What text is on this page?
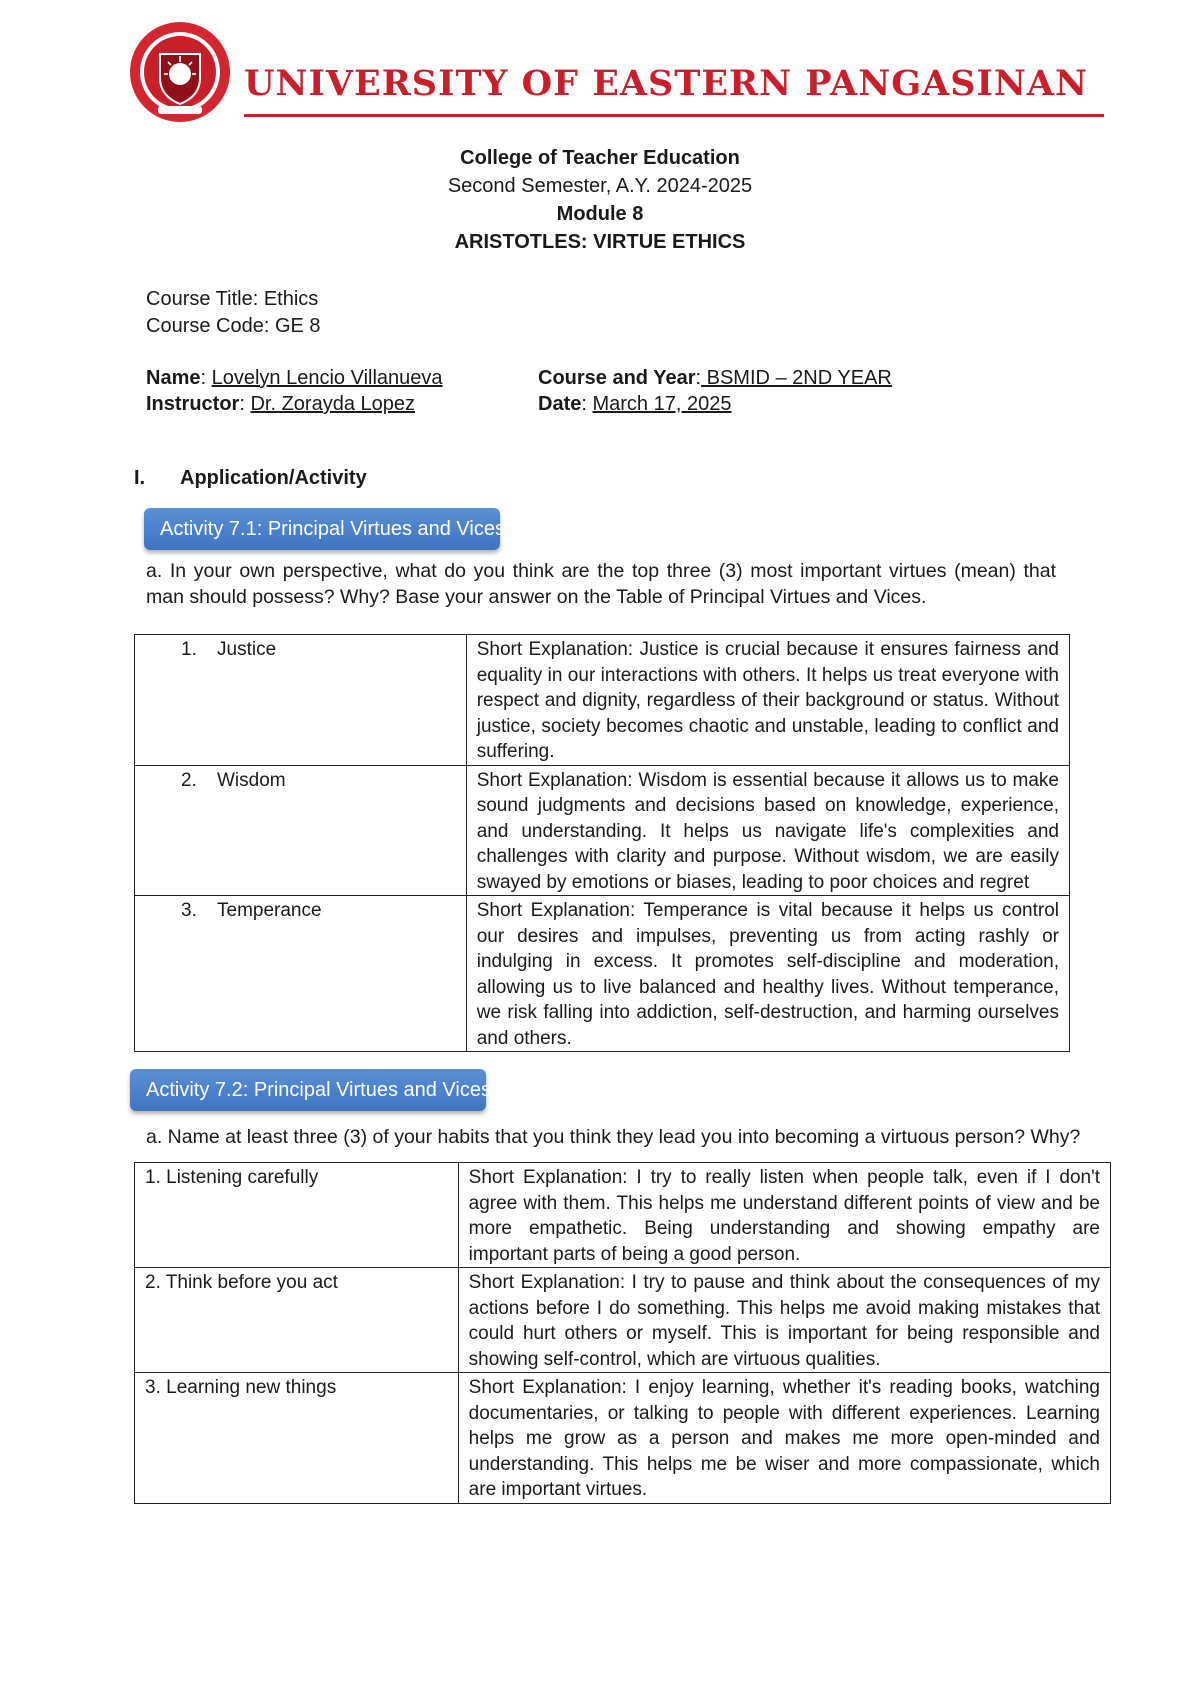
UNIVERSITY OF EASTERN PANGASINAN
College of Teacher Education
Second Semester, A.Y. 2024-2025
Module 8
ARISTOTLES: VIRTUE ETHICS
Course Title: Ethics
Course Code: GE 8
Name: Lovelyn Lencio Villanueva
Instructor: Dr. Zorayda Lopez
Course and Year: BSMID – 2ND YEAR
Date: March 17, 2025
I. Application/Activity
Activity 7.1: Principal Virtues and Vices
a. In your own perspective, what do you think are the top three (3) most important virtues (mean) that man should possess? Why? Base your answer on the Table of Principal Virtues and Vices.
1. Justice	Short Explanation: Justice is crucial because it ensures fairness and equality in our interactions with others. It helps us treat everyone with respect and dignity, regardless of their background or status. Without justice, society becomes chaotic and unstable, leading to conflict and suffering.
2. Wisdom	Short Explanation: Wisdom is essential because it allows us to make sound judgments and decisions based on knowledge, experience, and understanding. It helps us navigate life's complexities and challenges with clarity and purpose. Without wisdom, we are easily swayed by emotions or biases, leading to poor choices and regret
3. Temperance	Short Explanation: Temperance is vital because it helps us control our desires and impulses, preventing us from acting rashly or indulging in excess. It promotes self-discipline and moderation, allowing us to live balanced and healthy lives. Without temperance, we risk falling into addiction, self-destruction, and harming ourselves and others.
Activity 7.2: Principal Virtues and Vices
a. Name at least three (3) of your habits that you think they lead you into becoming a virtuous person? Why?
1. Listening carefully	Short Explanation: I try to really listen when people talk, even if I don't agree with them. This helps me understand different points of view and be more empathetic. Being understanding and showing empathy are important parts of being a good person.
2. Think before you act	Short Explanation: I try to pause and think about the consequences of my actions before I do something. This helps me avoid making mistakes that could hurt others or myself. This is important for being responsible and showing self-control, which are virtuous qualities.
3. Learning new things	Short Explanation: I enjoy learning, whether it's reading books, watching documentaries, or talking to people with different experiences. Learning helps me grow as a person and makes me more open-minded and understanding. This helps me be wiser and more compassionate, which are important virtues.
